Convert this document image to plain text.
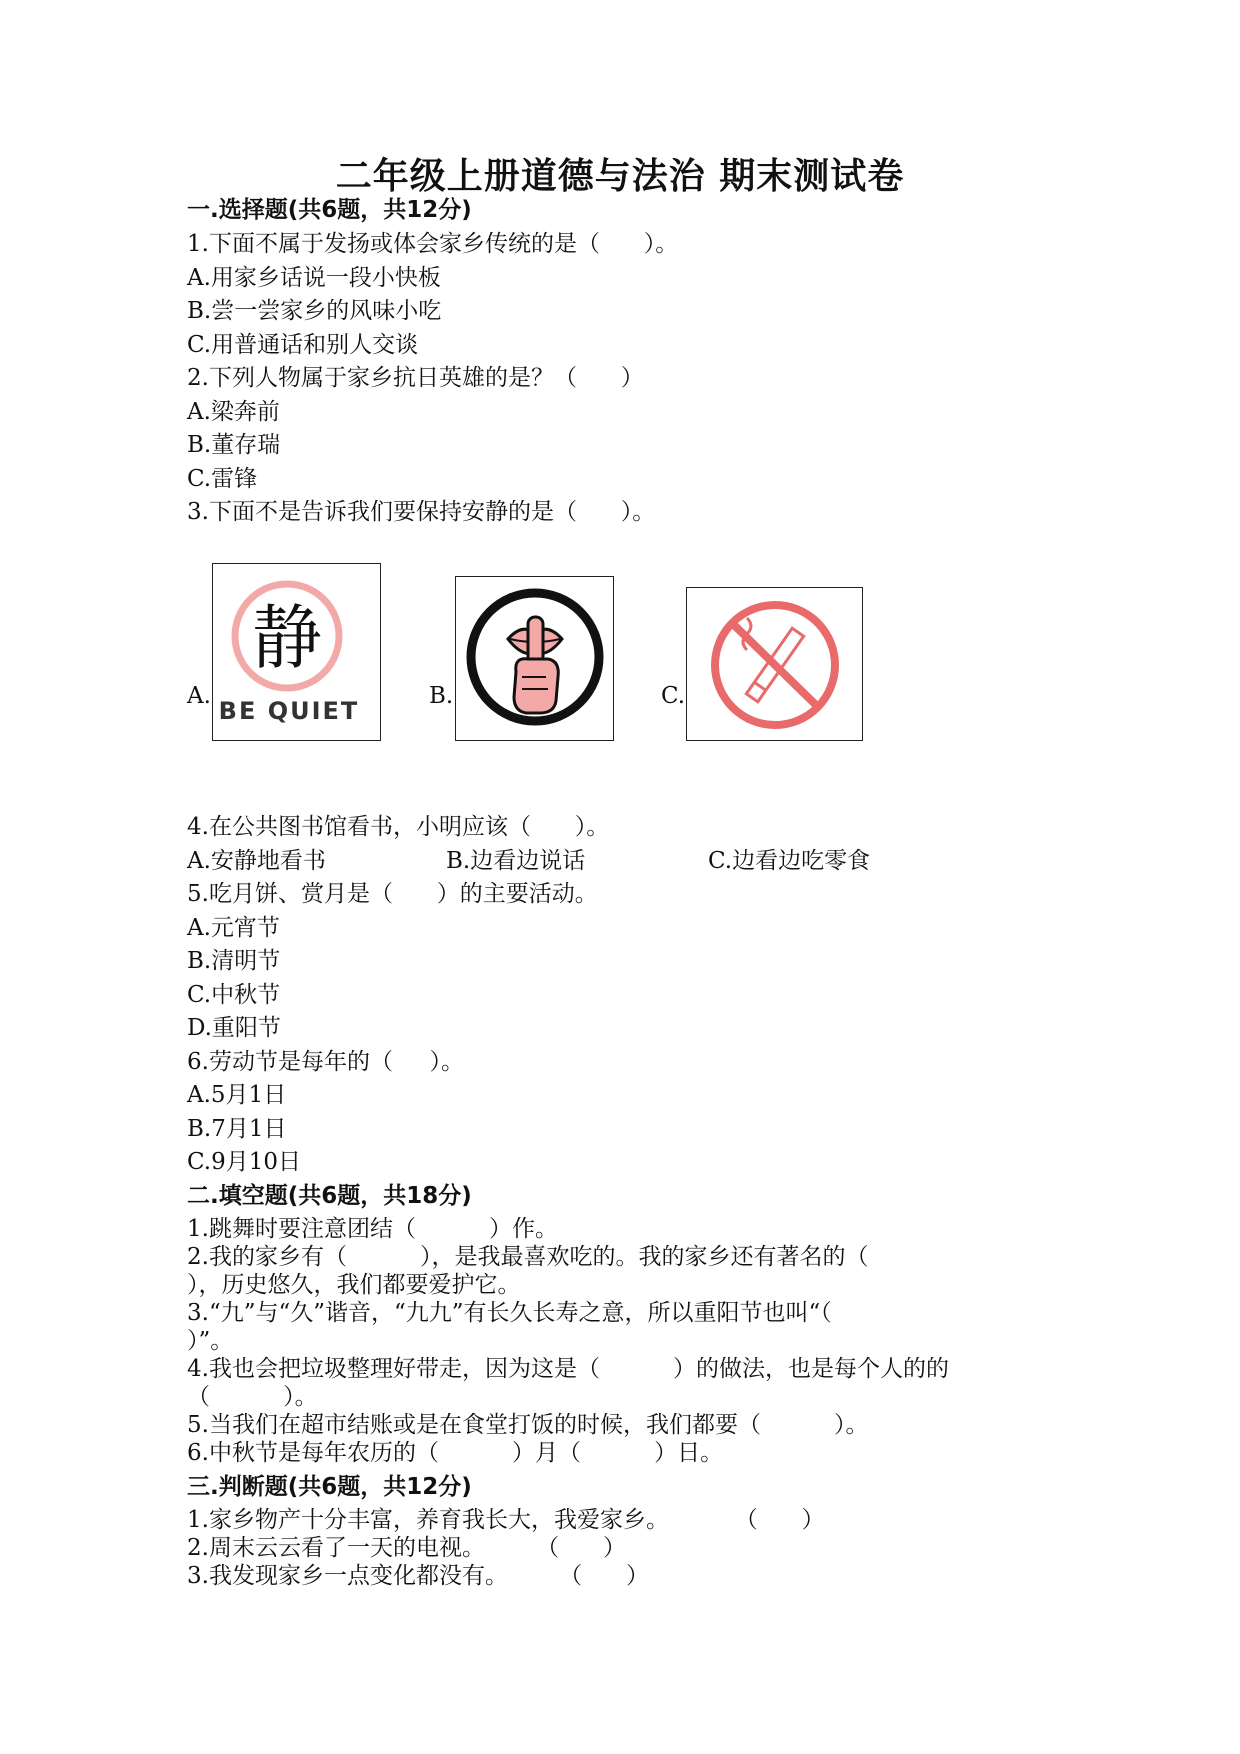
二年级上册道德与法治 期末测试卷
一.选择题(共6题，共12分)
1.下面不属于发扬或体会家乡传统的是（      ）。
A.用家乡话说一段小快板
B.尝一尝家乡的风味小吃
C.用普通话和别人交谈
2.下列人物属于家乡抗日英雄的是？（      ）
A.梁奔前
B.董存瑞
C.雷锋
3.下面不是告诉我们要保持安静的是（      ）。
A.
静
BE QUIET
B.	C.
4.在公共图书馆看书，小明应该（      ）。
A.安静地看书	B.边看边说话	C.边看边吃零食
5.吃月饼、赏月是（      ）的主要活动。
A.元宵节
B.清明节
C.中秋节
D.重阳节
6.劳动节是每年的（     ）。
A.5月1日
B.7月1日
C.9月10日
二.填空题(共6题，共18分)
1.跳舞时要注意团结（          ）作。
2.我的家乡有（          ），是我最喜欢吃的。我的家乡还有著名的（
），历史悠久，我们都要爱护它。
3.“九”与“久”谐音，“九九”有长久长寿之意，所以重阳节也叫“（
）”。
4.我也会把垃圾整理好带走，因为这是（          ）的做法，也是每个人的的
（          ）。
5.当我们在超市结账或是在食堂打饭的时候，我们都要（          ）。
6.中秋节是每年农历的（          ）月（          ）日。
三.判断题(共6题，共12分)
1.家乡物产十分丰富，养育我长大，我爱家乡。         （      ）
2.周末云云看了一天的电视。       （      ）
3.我发现家乡一点变化都没有。       （      ）
